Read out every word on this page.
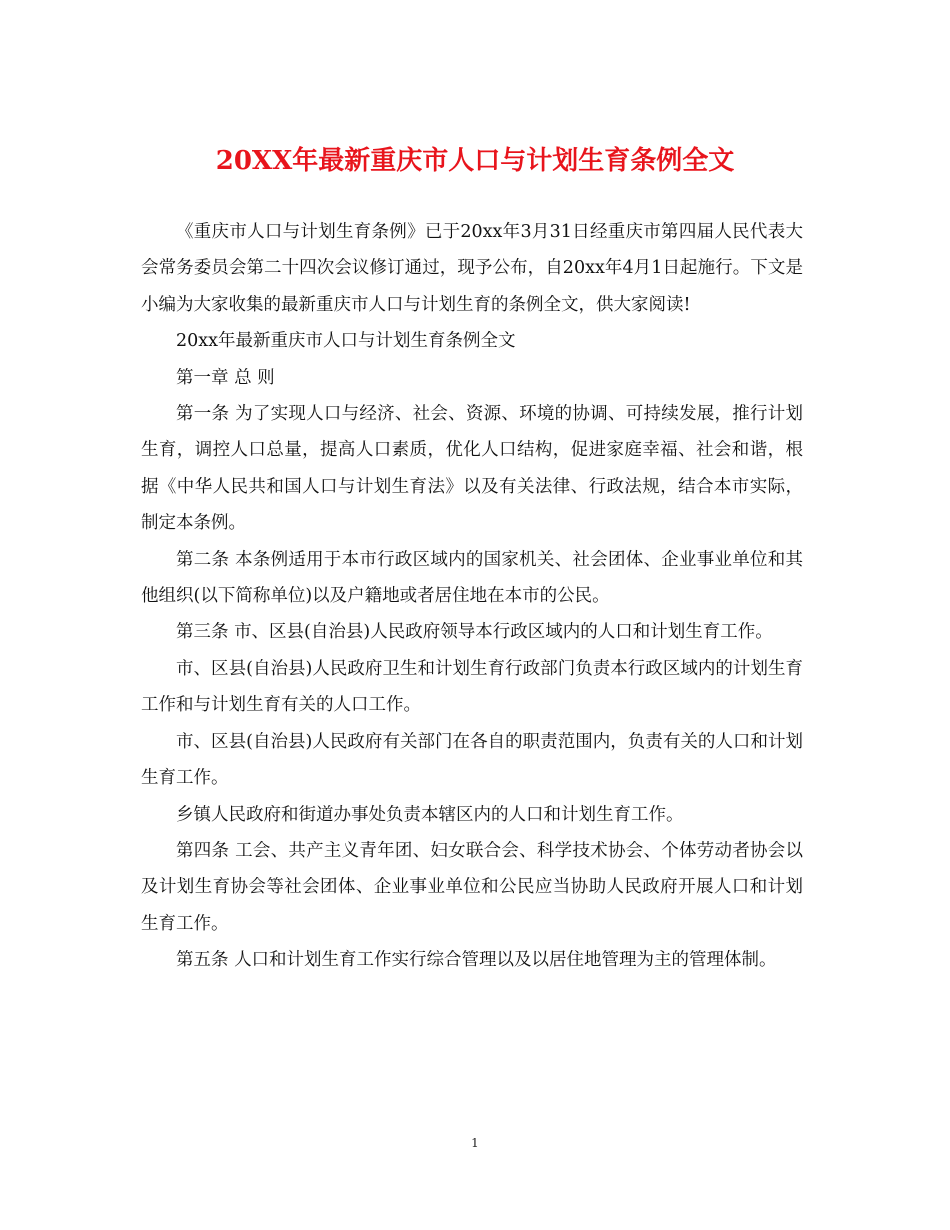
20XX年最新重庆市人口与计划生育条例全文

《重庆市人口与计划生育条例》已于20xx年3月31日经重庆市第四届人民代表大会常务委员会第二十四次会议修订通过，现予公布，自20xx年4月1日起施行。下文是小编为大家收集的最新重庆市人口与计划生育的条例全文，供大家阅读!

20xx年最新重庆市人口与计划生育条例全文

第一章 总 则

第一条 为了实现人口与经济、社会、资源、环境的协调、可持续发展，推行计划生育，调控人口总量，提高人口素质，优化人口结构，促进家庭幸福、社会和谐，根据《中华人民共和国人口与计划生育法》以及有关法律、行政法规，结合本市实际，制定本条例。

第二条 本条例适用于本市行政区域内的国家机关、社会团体、企业事业单位和其他组织(以下简称单位)以及户籍地或者居住地在本市的公民。

第三条 市、区县(自治县)人民政府领导本行政区域内的人口和计划生育工作。

市、区县(自治县)人民政府卫生和计划生育行政部门负责本行政区域内的计划生育工作和与计划生育有关的人口工作。

市、区县(自治县)人民政府有关部门在各自的职责范围内，负责有关的人口和计划生育工作。

乡镇人民政府和街道办事处负责本辖区内的人口和计划生育工作。

第四条 工会、共产主义青年团、妇女联合会、科学技术协会、个体劳动者协会以及计划生育协会等社会团体、企业事业单位和公民应当协助人民政府开展人口和计划生育工作。

第五条 人口和计划生育工作实行综合管理以及以居住地管理为主的管理体制。

1
